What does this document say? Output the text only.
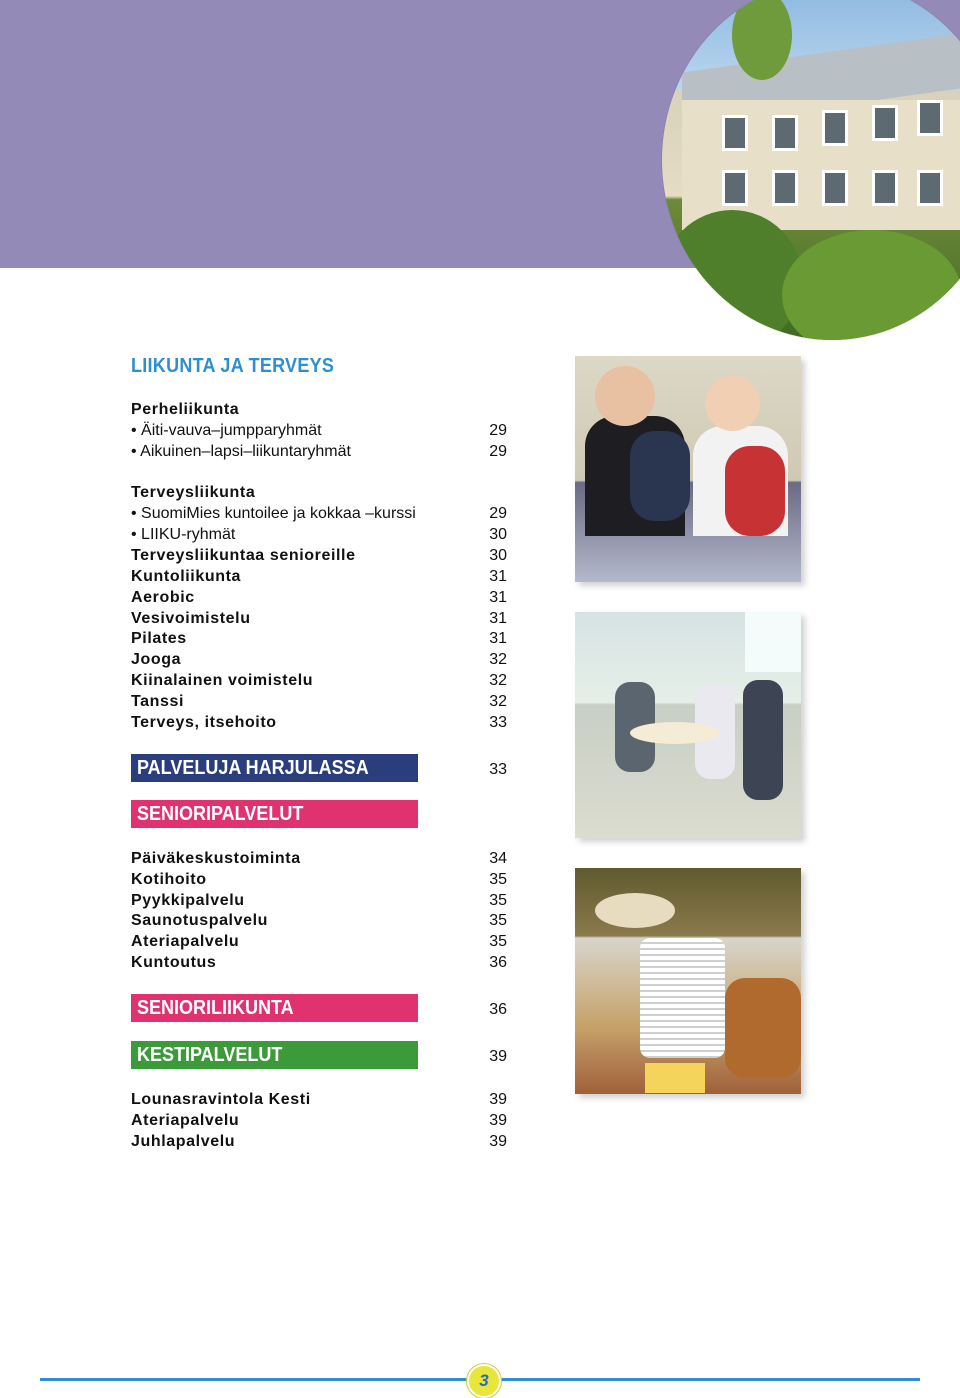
LIIKUNTA JA TERVEYS
Perheliikunta
• Äiti-vauva–jumpparyhmät	29
• Aikuinen–lapsi–liikuntaryhmät	29
Terveysliikunta
• SuomiMies kuntoilee ja kokkaa –kurssi	29
• LIIKU-ryhmät	30
Terveysliikuntaa senioreille	30
Kuntoliikunta	31
Aerobic	31
Vesivoimistelu	31
Pilates	31
Jooga	32
Kiinalainen voimistelu	32
Tanssi	32
Terveys, itsehoito	33
Päiväkeskustoiminta	34
Kotihoito	35
Pyykkipalvelu	35
Saunotuspalvelu	35
Ateriapalvelu	35
Kuntoutus	36
Lounasravintola Kesti	39
Ateriapalvelu	39
Juhlapalvelu	39
PALVELUJA HARJULASSA	33
SENIORIPALVELUT
SENIORILIIKUNTA	36
KESTIPALVELUT	39
3
